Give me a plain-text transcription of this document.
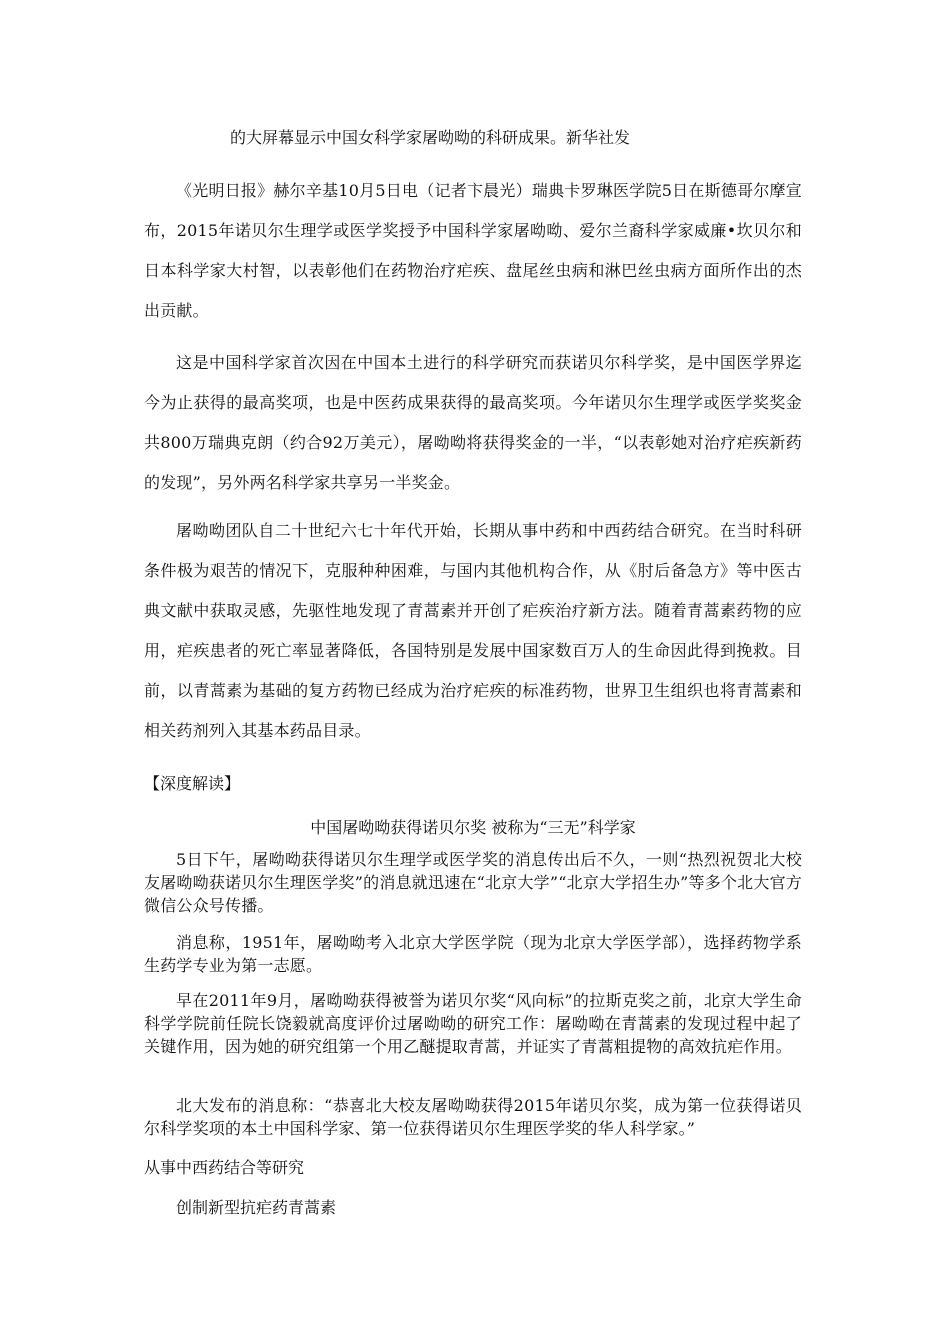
的大屏幕显示中国女科学家屠呦呦的科研成果。新华社发

《光明日报》赫尔辛基10月5日电（记者卞晨光）瑞典卡罗琳医学院5日在斯德哥尔摩宣布，2015年诺贝尔生理学或医学奖授予中国科学家屠呦呦、爱尔兰裔科学家威廉•坎贝尔和日本科学家大村智，以表彰他们在药物治疗疟疾、盘尾丝虫病和淋巴丝虫病方面所作出的杰出贡献。

这是中国科学家首次因在中国本土进行的科学研究而获诺贝尔科学奖，是中国医学界迄今为止获得的最高奖项，也是中医药成果获得的最高奖项。今年诺贝尔生理学或医学奖奖金共800万瑞典克朗（约合92万美元），屠呦呦将获得奖金的一半，“以表彰她对治疗疟疾新药的发现”，另外两名科学家共享另一半奖金。

屠呦呦团队自二十世纪六七十年代开始，长期从事中药和中西药结合研究。在当时科研条件极为艰苦的情况下，克服种种困难，与国内其他机构合作，从《肘后备急方》等中医古典文献中获取灵感，先驱性地发现了青蒿素并开创了疟疾治疗新方法。随着青蒿素药物的应用，疟疾患者的死亡率显著降低，各国特别是发展中国家数百万人的生命因此得到挽救。目前，以青蒿素为基础的复方药物已经成为治疗疟疾的标准药物，世界卫生组织也将青蒿素和相关药剂列入其基本药品目录。

【深度解读】
中国屠呦呦获得诺贝尔奖 被称为“三无”科学家

5日下午，屠呦呦获得诺贝尔生理学或医学奖的消息传出后不久，一则“热烈祝贺北大校友屠呦呦获诺贝尔生理医学奖”的消息就迅速在“北京大学”“北京大学招生办”等多个北大官方微信公众号传播。

消息称，1951年，屠呦呦考入北京大学医学院（现为北京大学医学部），选择药物学系生药学专业为第一志愿。

早在2011年9月，屠呦呦获得被誉为诺贝尔奖“风向标”的拉斯克奖之前，北京大学生命科学学院前任院长饶毅就高度评价过屠呦呦的研究工作：屠呦呦在青蒿素的发现过程中起了关键作用，因为她的研究组第一个用乙醚提取青蒿，并证实了青蒿粗提物的高效抗疟作用。

北大发布的消息称：“恭喜北大校友屠呦呦获得2015年诺贝尔奖，成为第一位获得诺贝尔科学奖项的本土中国科学家、第一位获得诺贝尔生理医学奖的华人科学家。”

从事中西药结合等研究
创制新型抗疟药青蒿素
